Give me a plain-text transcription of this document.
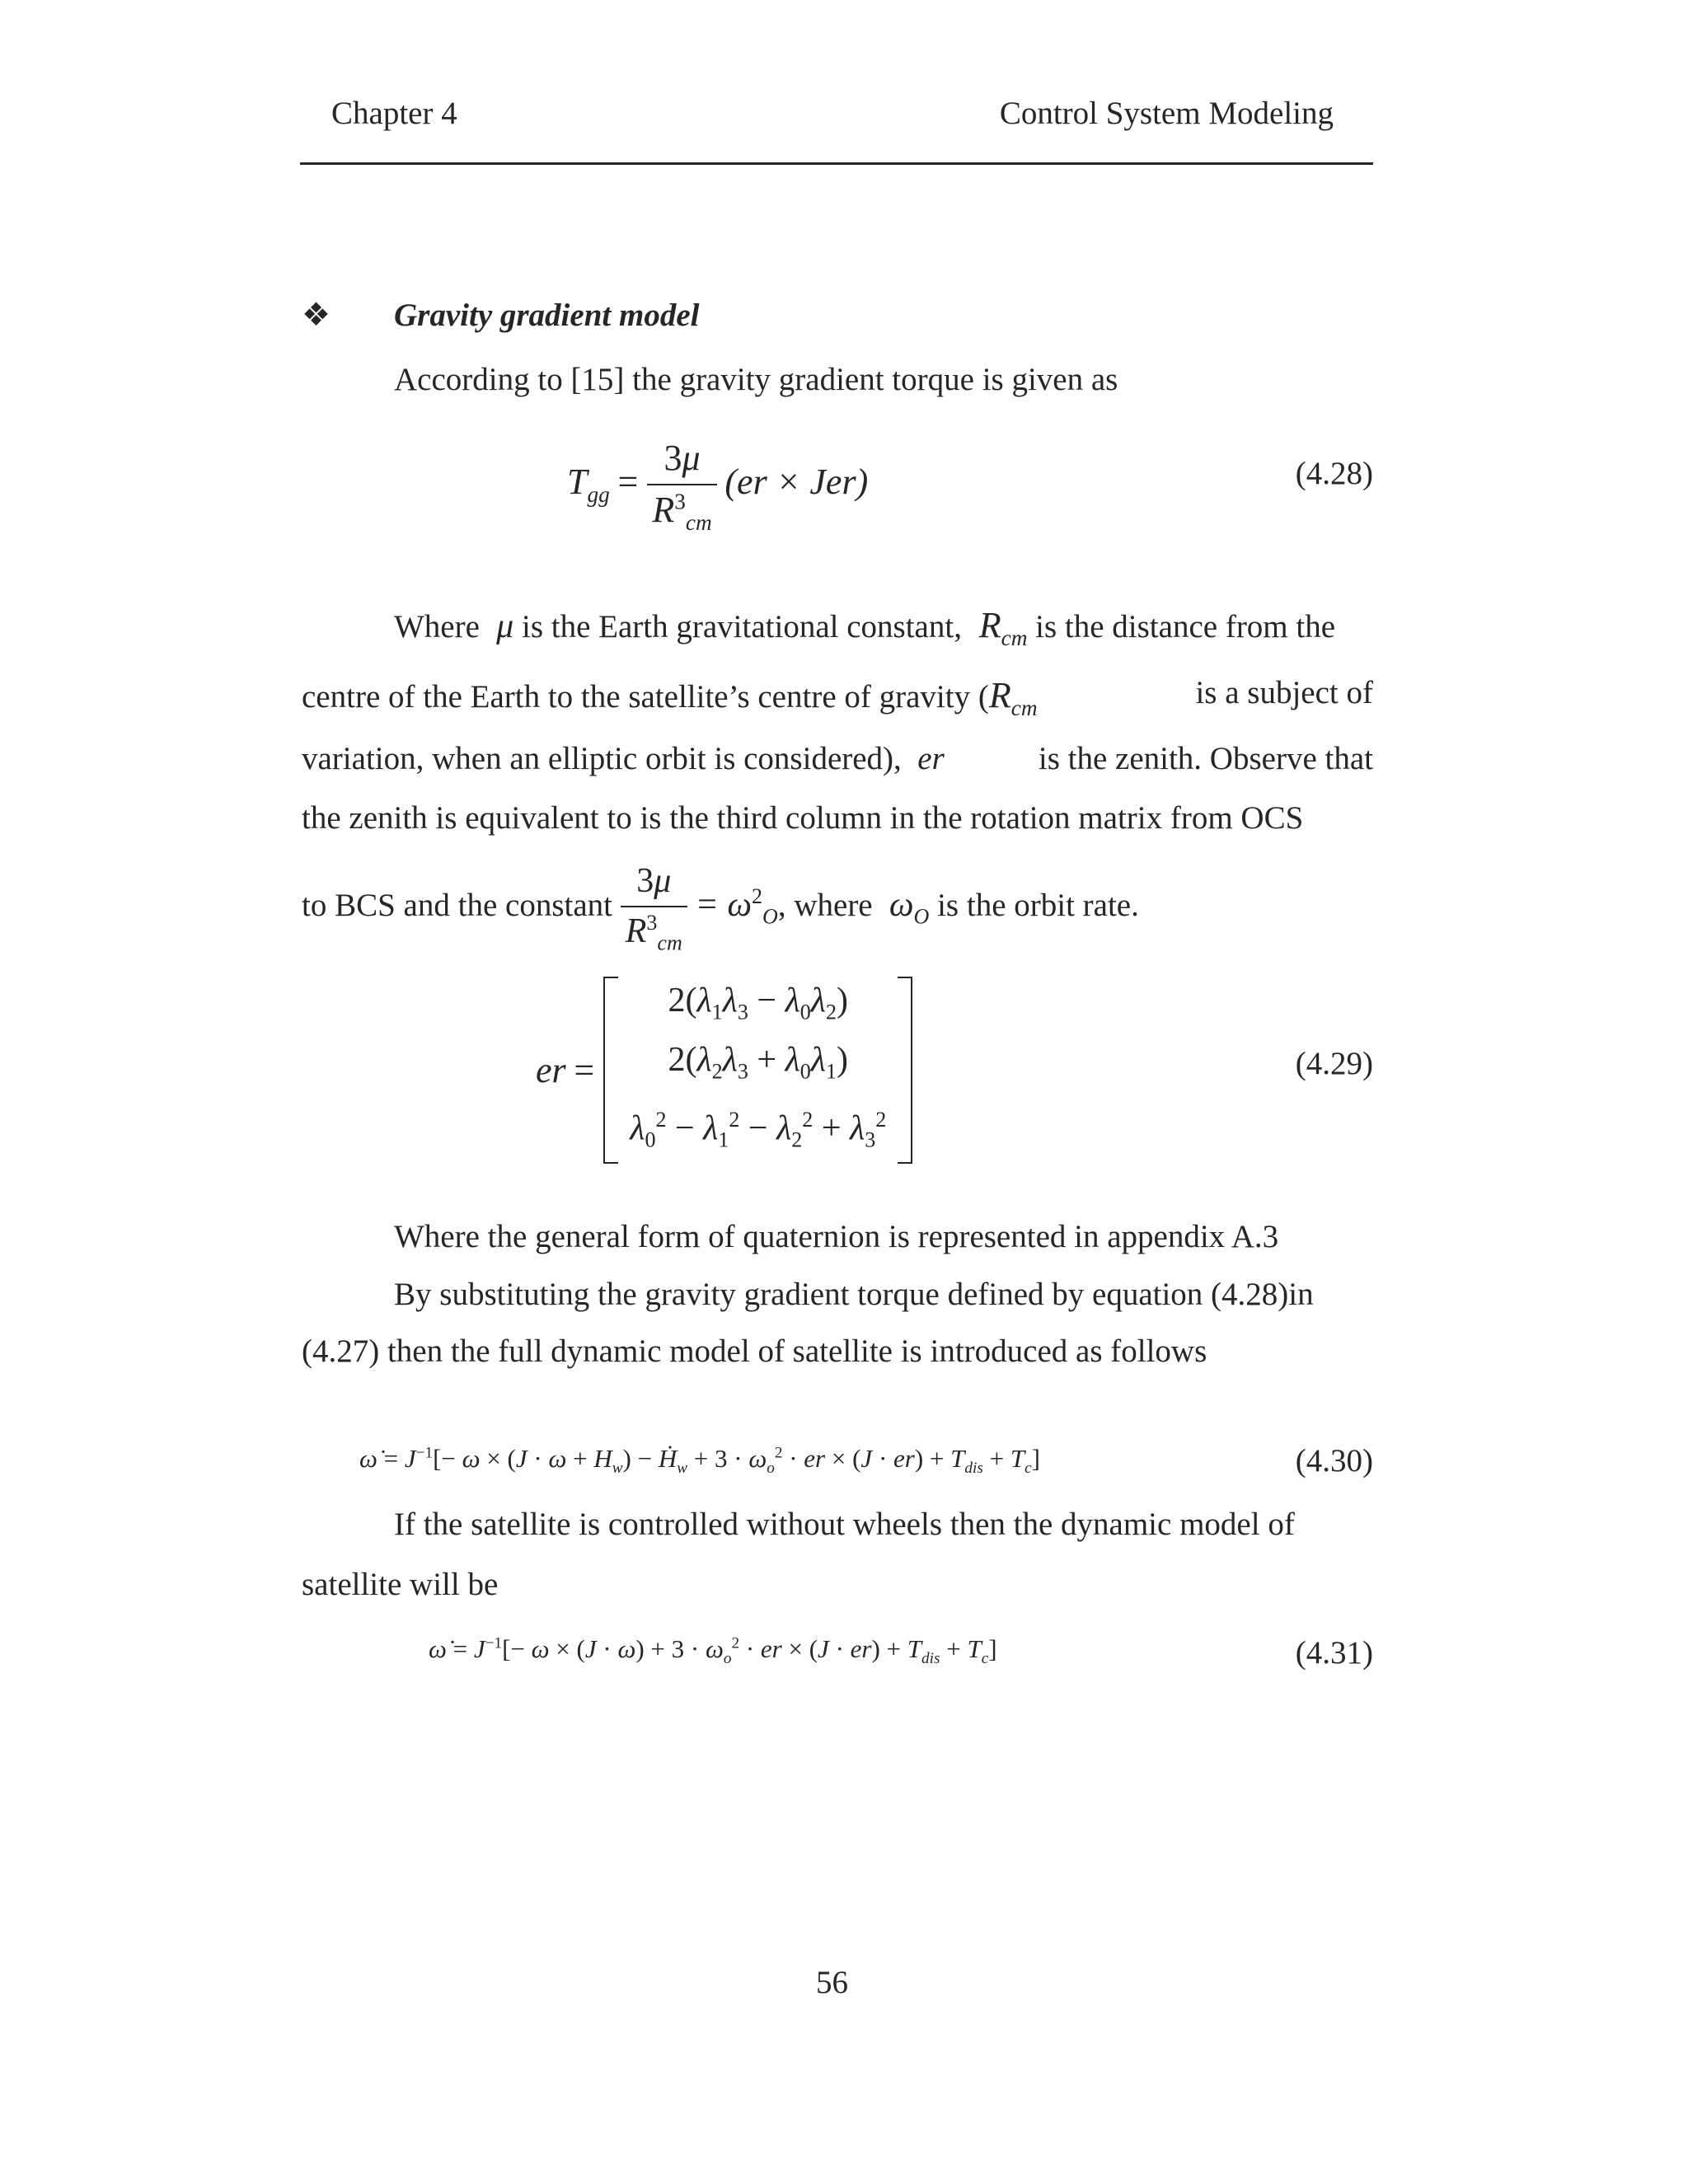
Chapter 4	Control System Modeling
❖ Gravity gradient model
According to [15] the gravity gradient torque is given as
$T_{gg} = \frac{3\mu}{R^3_{cm}} (er \times Jer)$	(4.28)
Where  μ is the Earth gravitational constant,  $R_{cm}$ is the distance from the
centre of the Earth to the satellite’s centre of gravity ($R_{cm}$	is a subject of
variation, when an elliptic orbit is considered),  er	is the zenith. Observe that
the zenith is equivalent to is the third column in the rotation matrix from OCS
to BCS and the constant $\frac{3\mu}{R^3_{cm}} = \omega^2_O$, where  $\omega_O$ is the orbit rate.
er =
$2(\lambda_1\lambda_3 - \lambda_0\lambda_2)$
$2(\lambda_2\lambda_3 + \lambda_0\lambda_1)$
$\lambda_0^2 - \lambda_1^2 - \lambda_2^2 + \lambda_3^2$
(4.29)
Where the general form of quaternion is represented in appendix A.3
By substituting the gravity gradient torque defined by equation (4.28)in
(4.27) then the full dynamic model of satellite is introduced as follows
ω̇ = $J^{-1}[- \omega \times (J \cdot \omega + H_w)$ − Ḣ$_w$ + $3 \cdot \omega_o^2$ · er × $(J \cdot er) + T_{dis} + T_c$]	(4.30)
If the satellite is controlled without wheels then the dynamic model of
satellite will be
ω̇ = $J^{-1}[- \omega \times (J \cdot \omega) + 3 \cdot \omega_o^2$ · er × $(J \cdot er) + T_{dis} + T_c$]	(4.31)
56
